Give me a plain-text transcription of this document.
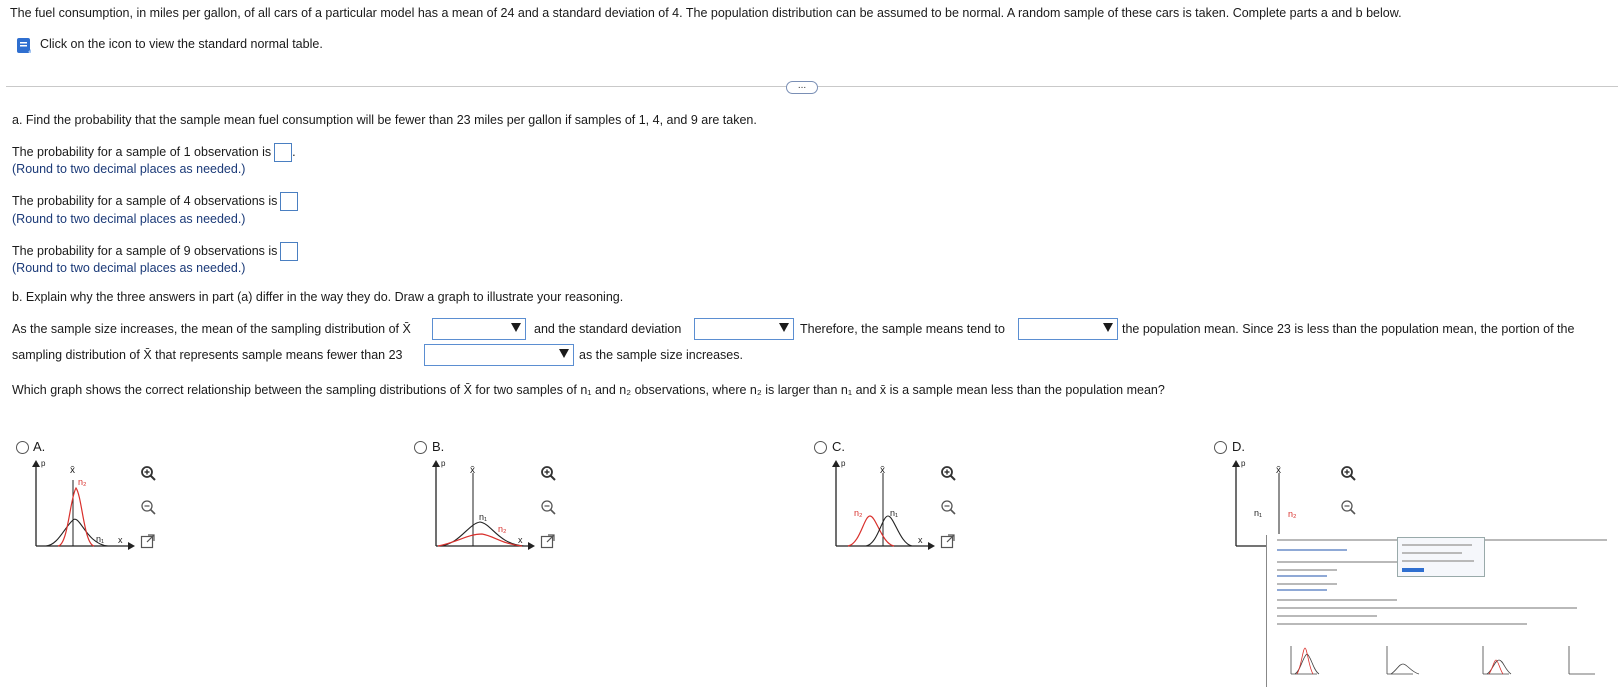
The fuel consumption, in miles per gallon, of all cars of a particular model has a mean of 24 and a standard deviation of 4. The population distribution can be assumed to be normal. A random sample of these cars is taken. Complete parts a and b below.
Click on the icon to view the standard normal table.
...
a. Find the probability that the sample mean fuel consumption will be fewer than 23 miles per gallon if samples of 1, 4, and 9 are taken.
The probability for a sample of 1 observation is .
(Round to two decimal places as needed.)
The probability for a sample of 4 observations is
(Round to two decimal places as needed.)
The probability for a sample of 9 observations is
(Round to two decimal places as needed.)
b. Explain why the three answers in part (a) differ in the way they do. Draw a graph to illustrate your reasoning.
As the sample size increases, the mean of the sampling distribution of X̄	and the standard deviation	Therefore, the sample means tend to	the population mean. Since 23 is less than the population mean, the portion of the
sampling distribution of X̄ that represents sample means fewer than 23	as the sample size increases.
Which graph shows the correct relationship between the sampling distributions of X̄ for two samples of n₁ and n₂ observations, where n₂ is larger than n₁ and x̄ is a sample mean less than the population mean?
A.
p
x̄
n₂
n₁ x
B.
p
x̄
n₁
n₂
x
C.
p
x̄
n₂	n₁
x
D.
p
x̄
n₁	n₂
